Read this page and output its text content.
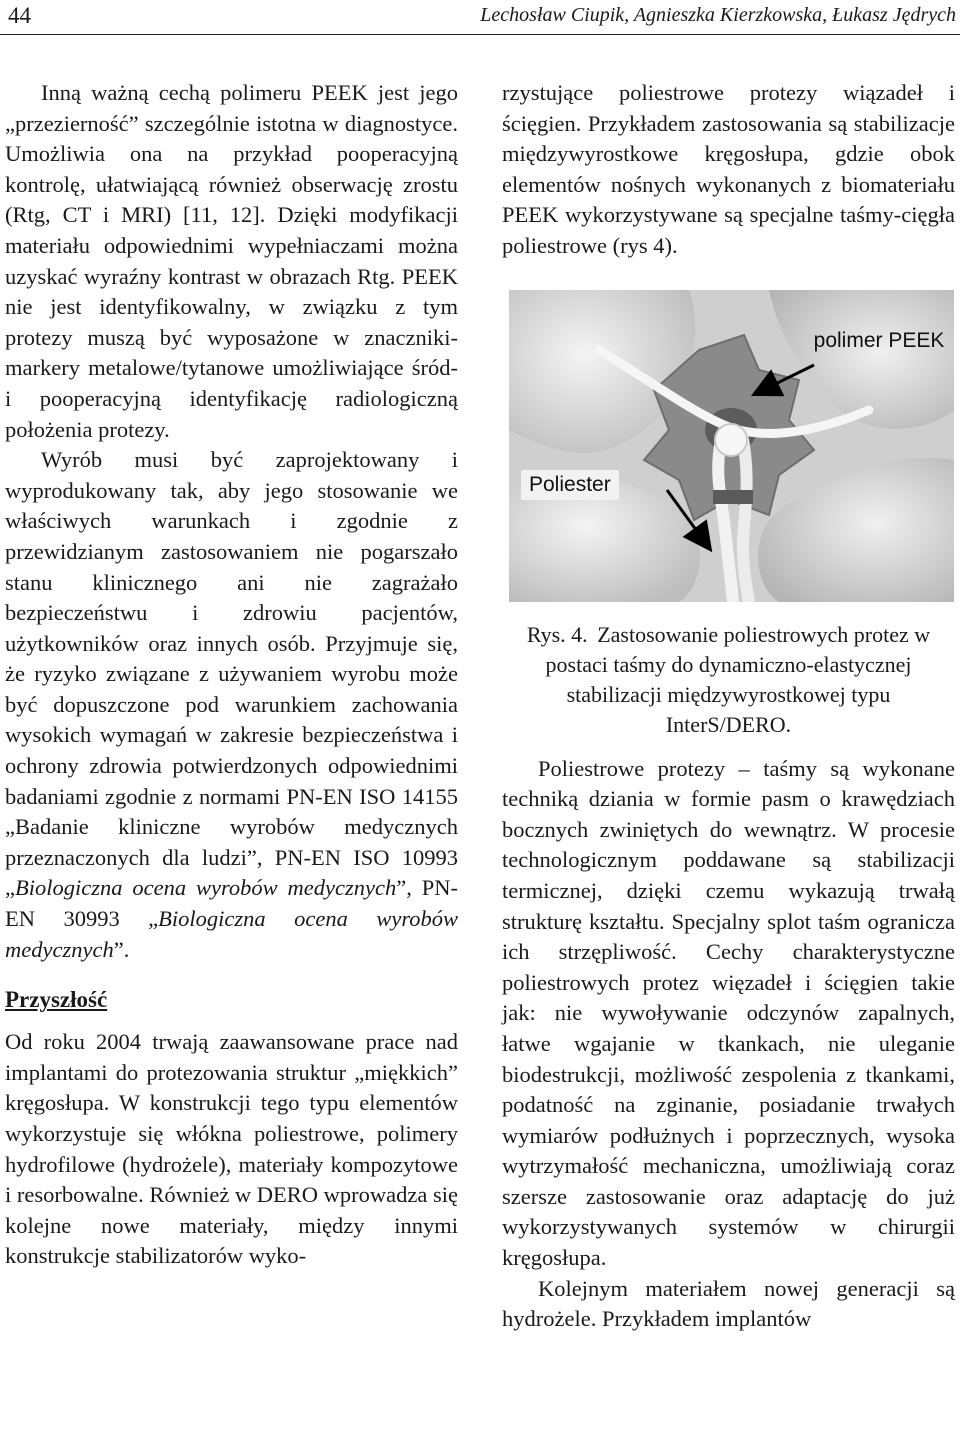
44	Lechosław Ciupik, Agnieszka Kierzkowska, Łukasz Jędrych

Inną ważną cechą polimeru PEEK jest jego „przezierność” szczególnie istotna w diagnostyce. Umożliwia ona na przykład pooperacyjną kontrolę, ułatwiającą również obserwację zrostu (Rtg, CT i MRI) [11, 12]. Dzięki modyfikacji materiału odpowiednimi wypełniaczami można uzyskać wyraźny kontrast w obrazach Rtg. PEEK nie jest identyfikowalny, w związku z tym protezy muszą być wyposażone w znaczniki-markery metalowe/tytanowe umożliwiające śród- i pooperacyjną identyfikację radiologiczną położenia protezy.

Wyrób musi być zaprojektowany i wyprodukowany tak, aby jego stosowanie we właściwych warunkach i zgodnie z przewidzianym zastosowaniem nie pogarszało stanu klinicznego ani nie zagrażało bezpieczeństwu i zdrowiu pacjentów, użytkowników oraz innych osób. Przyjmuje się, że ryzyko związane z używaniem wyrobu może być dopuszczone pod warunkiem zachowania wysokich wymagań w zakresie bezpieczeństwa i ochrony zdrowia potwierdzonych odpowiednimi badaniami zgodnie z normami PN-EN ISO 14155 „Badanie kliniczne wyrobów medycznych przeznaczonych dla ludzi”, PN-EN ISO 10993 „Biologiczna ocena wyrobów medycznych”, PN-EN 30993 „Biologiczna ocena wyrobów medycznych”.

Przyszłość

Od roku 2004 trwają zaawansowane prace nad implantami do protezowania struktur „miękkich” kręgosłupa. W konstrukcji tego typu elementów wykorzystuje się włókna poliestrowe, polimery hydrofilowe (hydrożele), materiały kompozytowe i resorbowalne. Również w DERO wprowadza się kolejne nowe materiały, między innymi konstrukcje stabilizatorów wyko-

rzystujące poliestrowe protezy wiązadeł i ścięgien. Przykładem zastosowania są stabilizacje międzywyrostkowe kręgosłupa, gdzie obok elementów nośnych wykonanych z biomateriału PEEK wykorzystywane są specjalne taśmy-cięgła poliestrowe (rys 4).

polimer PEEK
Poliester
Rys. 4. Zastosowanie poliestrowych protez w postaci taśmy do dynamiczno-elastycznej stabilizacji międzywyrostkowej typu InterS/DERO.

Poliestrowe protezy – taśmy są wykonane techniką dziania w formie pasm o krawędziach bocznych zwiniętych do wewnątrz. W procesie technologicznym poddawane są stabilizacji termicznej, dzięki czemu wykazują trwałą strukturę kształtu. Specjalny splot taśm ogranicza ich strzępliwość. Cechy charakterystyczne poliestrowych protez więzadeł i ścięgien takie jak: nie wywoływanie odczynów zapalnych, łatwe wgajanie w tkankach, nie uleganie biodestrukcji, możliwość zespolenia z tkankami, podatność na zginanie, posiadanie trwałych wymiarów podłużnych i poprzecznych, wysoka wytrzymałość mechaniczna, umożliwiają coraz szersze zastosowanie oraz adaptację do już wykorzystywanych systemów w chirurgii kręgosłupa.

Kolejnym materiałem nowej generacji są hydrożele. Przykładem implantów
